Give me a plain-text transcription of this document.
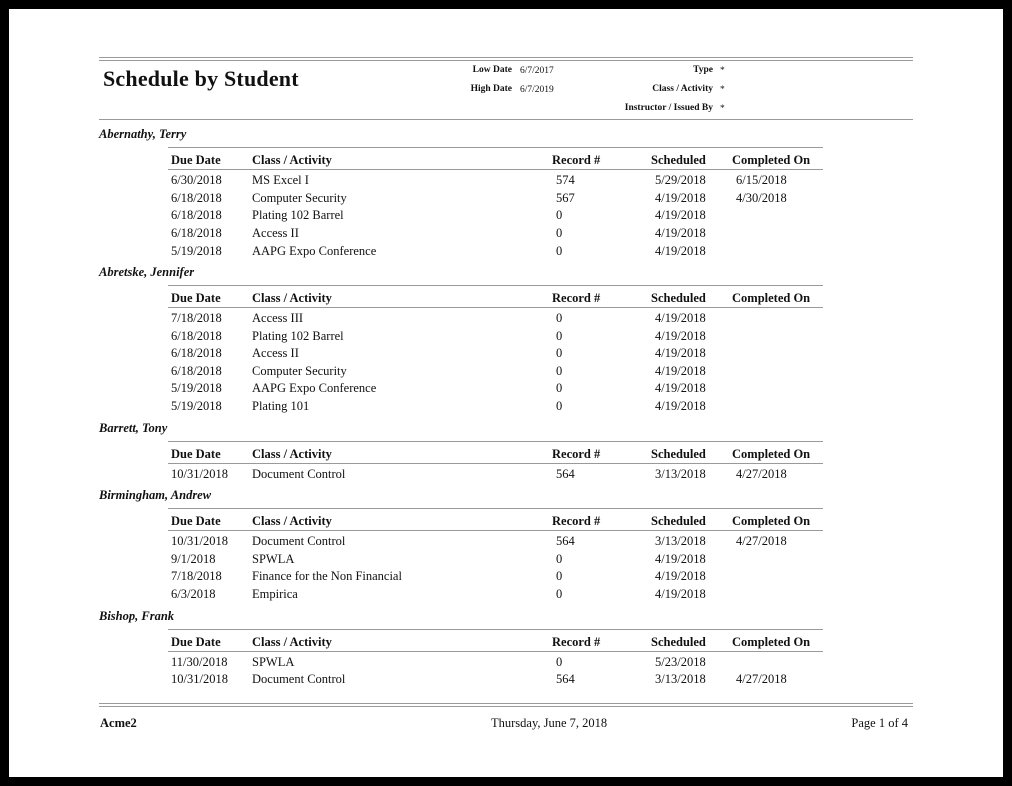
Schedule by Student	Low Date 6/7/2017
High Date 6/7/2019
Type *
Class / Activity *
Instructor / Issued By *
Abernathy, Terry
Due Date	Class / Activity	Record #	Scheduled Completed On
6/30/2018 MS Excel I	574	5/29/2018 6/15/2018
6/18/2018 Computer Security	567	4/19/2018 4/30/2018
6/18/2018 Plating 102 Barrel	0	4/19/2018
6/18/2018 Access II	0	4/19/2018
5/19/2018 AAPG Expo Conference	0	4/19/2018
Abretske, Jennifer
Due Date	Class / Activity	Record #	Scheduled Completed On
7/18/2018 Access III	0	4/19/2018
6/18/2018 Plating 102 Barrel	0	4/19/2018
6/18/2018 Access II	0	4/19/2018
6/18/2018 Computer Security	0	4/19/2018
5/19/2018 AAPG Expo Conference	0	4/19/2018
5/19/2018 Plating 101	0	4/19/2018
Barrett, Tony
Due Date	Class / Activity	Record #	Scheduled Completed On
10/31/2018 Document Control	564	3/13/2018 4/27/2018
Birmingham, Andrew
Due Date	Class / Activity	Record #	Scheduled Completed On
10/31/2018 Document Control	564	3/13/2018 4/27/2018
9/1/2018	SPWLA	0	4/19/2018
7/18/2018 Finance for the Non Financial	0	4/19/2018
6/3/2018	Empirica	0	4/19/2018
Bishop, Frank
Due Date	Class / Activity	Record #	Scheduled Completed On
11/30/2018 SPWLA	0	5/23/2018
10/31/2018 Document Control	564	3/13/2018 4/27/2018
Acme2	Thursday, June 7, 2018	Page 1 of 4
